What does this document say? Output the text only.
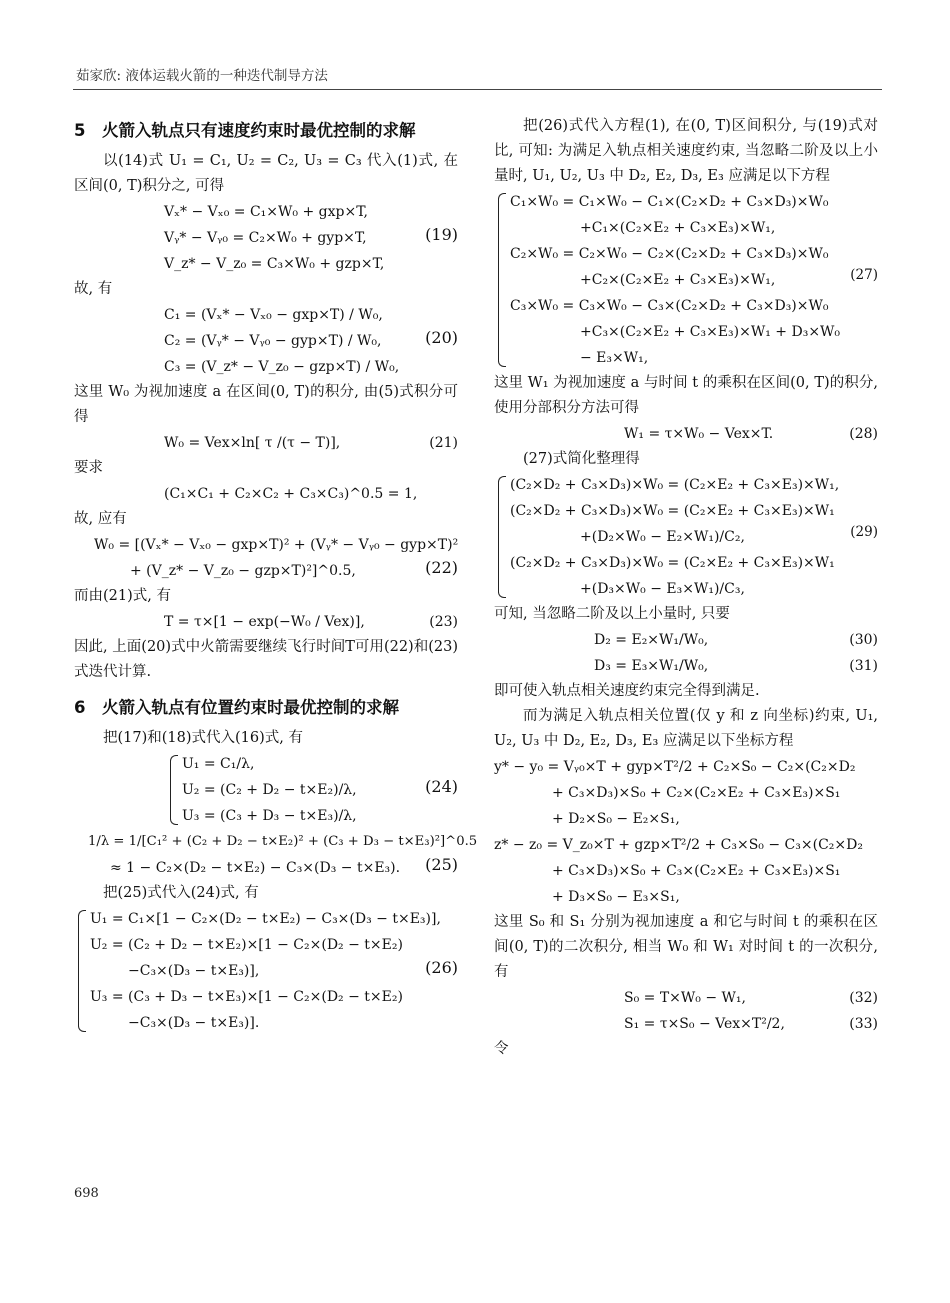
茹家欣: 液体运载火箭的一种迭代制导方法
5　火箭入轨点只有速度约束时最优控制的求解

以(14)式 U₁ = C₁, U₂ = C₂, U₃ = C₃ 代入(1)式, 在区间(0, T)积分之, 可得

Vₓ* − Vₓ₀ = C₁×W₀ + gxp×T,
Vᵧ* − Vᵧ₀ = C₂×W₀ + gyp×T,
V_z* − V_z₀ = C₃×W₀ + gzp×T,
(19)

故, 有

C₁ = (Vₓ* − Vₓ₀ − gxp×T) / W₀,
C₂ = (Vᵧ* − Vᵧ₀ − gyp×T) / W₀,
C₃ = (V_z* − V_z₀ − gzp×T) / W₀,
(20)

这里 W₀ 为视加速度 a 在区间(0, T)的积分, 由(5)式积分可得

W₀ = Vex×ln[ τ /(τ − T)],	(21)

要求

(C₁×C₁ + C₂×C₂ + C₃×C₃)^0.5 = 1,

故, 应有

W₀ = [(Vₓ* − Vₓ₀ − gxp×T)² + (Vᵧ* − Vᵧ₀ − gyp×T)²
+ (V_z* − V_z₀ − gzp×T)²]^0.5,	(22)

而由(21)式, 有

T = τ×[1 − exp(−W₀ / Vex)],	(23)

因此, 上面(20)式中火箭需要继续飞行时间T可用(22)和(23)式迭代计算.

6　火箭入轨点有位置约束时最优控制的求解

把(17)和(18)式代入(16)式, 有

U₁ = C₁/λ,
U₂ = (C₂ + D₂ − t×E₂)/λ,
U₃ = (C₃ + D₃ − t×E₃)/λ,
(24)
1/λ = 1/[C₁² + (C₂ + D₂ − t×E₂)² + (C₃ + D₃ − t×E₃)²]^0.5
≈ 1 − C₂×(D₂ − t×E₂) − C₃×(D₃ − t×E₃).	(25)

把(25)式代入(24)式, 有

U₁ = C₁×[1 − C₂×(D₂ − t×E₂) − C₃×(D₃ − t×E₃)],
U₂ = (C₂ + D₂ − t×E₂)×[1 − C₂×(D₂ − t×E₂)
−C₃×(D₃ − t×E₃)],
U₃ = (C₃ + D₃ − t×E₃)×[1 − C₂×(D₂ − t×E₂)
−C₃×(D₃ − t×E₃)].
(26)

把(26)式代入方程(1), 在(0, T)区间积分, 与(19)式对比, 可知: 为满足入轨点相关速度约束, 当忽略二阶及以上小量时, U₁, U₂, U₃ 中 D₂, E₂, D₃, E₃ 应满足以下方程

C₁×W₀ = C₁×W₀ − C₁×(C₂×D₂ + C₃×D₃)×W₀
+C₁×(C₂×E₂ + C₃×E₃)×W₁,
C₂×W₀ = C₂×W₀ − C₂×(C₂×D₂ + C₃×D₃)×W₀
+C₂×(C₂×E₂ + C₃×E₃)×W₁,
C₃×W₀ = C₃×W₀ − C₃×(C₂×D₂ + C₃×D₃)×W₀
+C₃×(C₂×E₂ + C₃×E₃)×W₁ + D₃×W₀
− E₃×W₁,
(27)

这里 W₁ 为视加速度 a 与时间 t 的乘积在区间(0, T)的积分, 使用分部积分方法可得

W₁ = τ×W₀ − Vex×T.	(28)

(27)式简化整理得

(C₂×D₂ + C₃×D₃)×W₀ = (C₂×E₂ + C₃×E₃)×W₁,
(C₂×D₂ + C₃×D₃)×W₀ = (C₂×E₂ + C₃×E₃)×W₁
+(D₂×W₀ − E₂×W₁)/C₂,
(C₂×D₂ + C₃×D₃)×W₀ = (C₂×E₂ + C₃×E₃)×W₁
+(D₃×W₀ − E₃×W₁)/C₃,
(29)

可知, 当忽略二阶及以上小量时, 只要

D₂ = E₂×W₁/W₀,	(30)
D₃ = E₃×W₁/W₀,	(31)

即可使入轨点相关速度约束完全得到满足.

而为满足入轨点相关位置(仅 y 和 z 向坐标)约束, U₁, U₂, U₃ 中 D₂, E₂, D₃, E₃ 应满足以下坐标方程

y* − y₀ = Vᵧ₀×T + gyp×T²/2 + C₂×S₀ − C₂×(C₂×D₂
+ C₃×D₃)×S₀ + C₂×(C₂×E₂ + C₃×E₃)×S₁
+ D₂×S₀ − E₂×S₁,
z* − z₀ = V_z₀×T + gzp×T²/2 + C₃×S₀ − C₃×(C₂×D₂
+ C₃×D₃)×S₀ + C₃×(C₂×E₂ + C₃×E₃)×S₁
+ D₃×S₀ − E₃×S₁,

这里 S₀ 和 S₁ 分别为视加速度 a 和它与时间 t 的乘积在区间(0, T)的二次积分, 相当 W₀ 和 W₁ 对时间 t 的一次积分, 有

S₀ = T×W₀ − W₁,	(32)
S₁ = τ×S₀ − Vex×T²/2,	(33)

令

698
